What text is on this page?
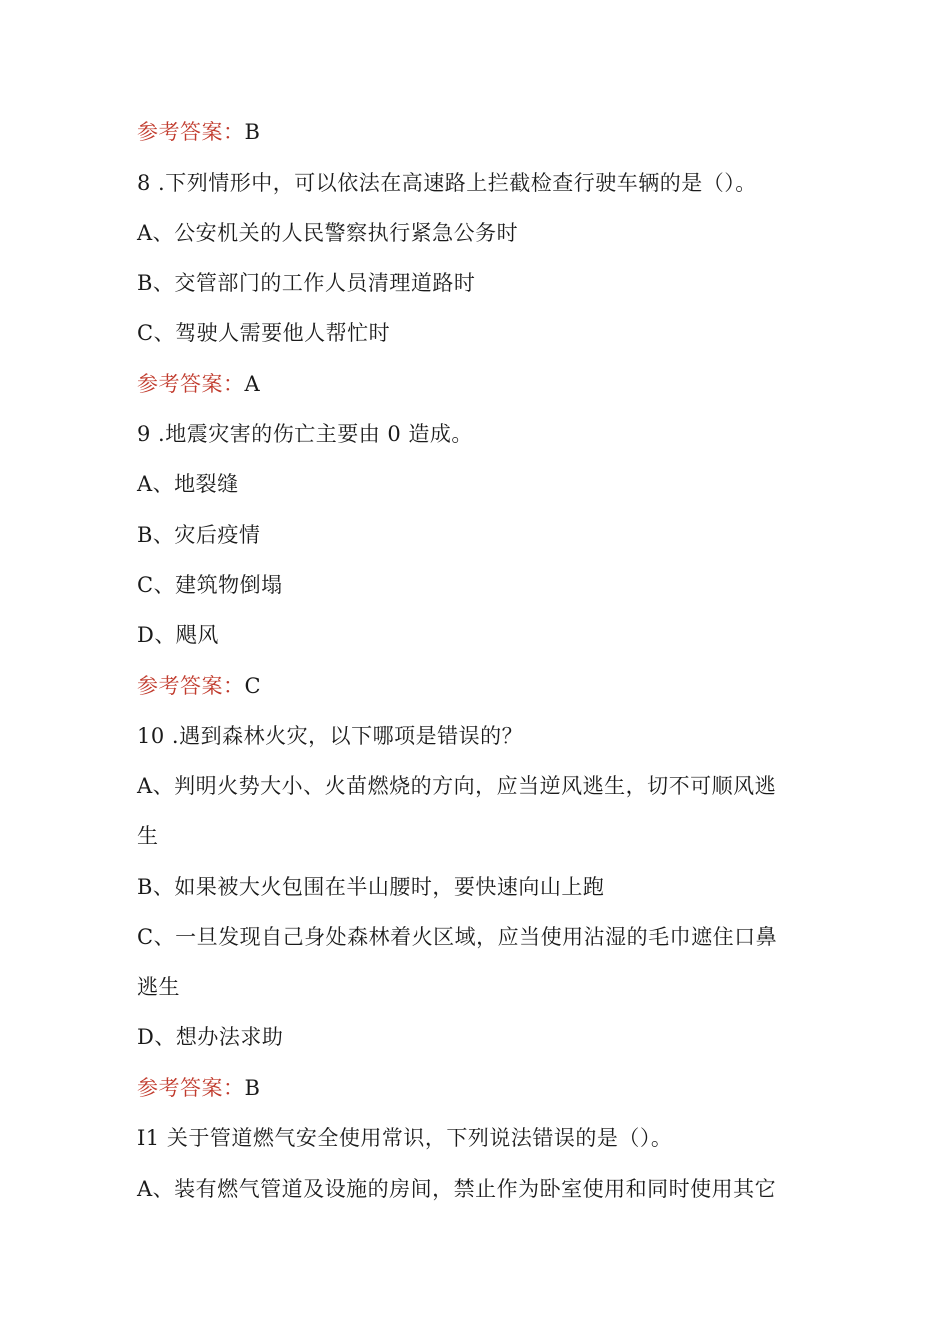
参考答案：B
8 .下列情形中，可以依法在高速路上拦截检查行驶车辆的是（）。
A、公安机关的人民警察执行紧急公务时
B、交管部门的工作人员清理道路时
C、驾驶人需要他人帮忙时
参考答案：A
9 .地震灾害的伤亡主要由 0 造成。
A、地裂缝
B、灾后疫情
C、建筑物倒塌
D、飓风
参考答案：C
10 .遇到森林火灾，以下哪项是错误的？
A、判明火势大小、火苗燃烧的方向，应当逆风逃生，切不可顺风逃
生
B、如果被大火包围在半山腰时，要快速向山上跑
C、一旦发现自己身处森林着火区域，应当使用沾湿的毛巾遮住口鼻
逃生
D、想办法求助
参考答案：B
I1 关于管道燃气安全使用常识，下列说法错误的是（）。
A、装有燃气管道及设施的房间，禁止作为卧室使用和同时使用其它
